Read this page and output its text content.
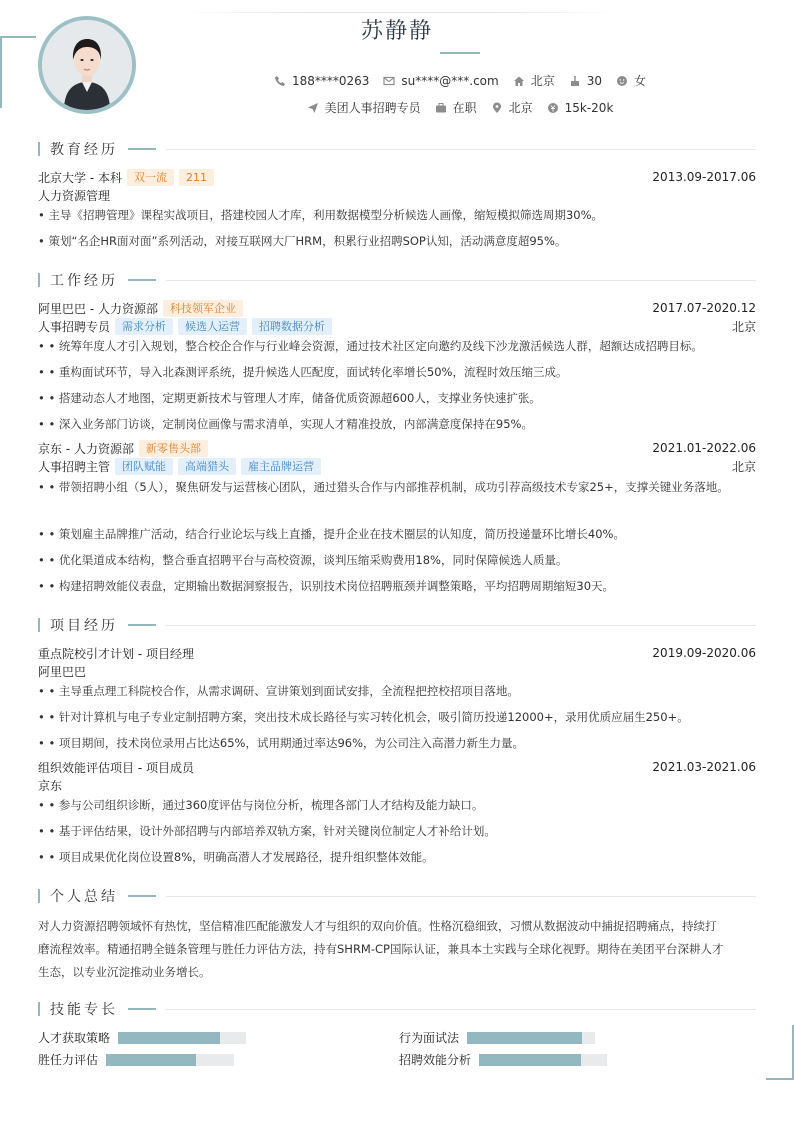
苏静静
188****0263	su****@***.com	北京	30	女
美团人事招聘专员	在职	北京	15k-20k
教育经历
北京大学 - 本科	双一流	211	2013.09-2017.06
人力资源管理
• 主导《招聘管理》课程实战项目，搭建校园人才库，利用数据模型分析候选人画像，缩短模拟筛选周期30%。
• 策划“名企HR面对面”系列活动，对接互联网大厂HRM，积累行业招聘SOP认知，活动满意度超95%。
工作经历
阿里巴巴 - 人力资源部	科技领军企业	2017.07-2020.12
人事招聘专员	需求分析	候选人运营	招聘数据分析	北京
• • 统筹年度人才引入规划，整合校企合作与行业峰会资源，通过技术社区定向邀约及线下沙龙激活候选人群，超额达成招聘目标。
• • 重构面试环节，导入北森测评系统，提升候选人匹配度，面试转化率增长50%，流程时效压缩三成。
• • 搭建动态人才地图，定期更新技术与管理人才库，储备优质资源超600人，支撑业务快速扩张。
• • 深入业务部门访谈，定制岗位画像与需求清单，实现人才精准投放，内部满意度保持在95%。
京东 - 人力资源部	新零售头部	2021.01-2022.06
人事招聘主管	团队赋能	高端猎头	雇主品牌运营	北京
• • 带领招聘小组（5人），聚焦研发与运营核心团队，通过猎头合作与内部推荐机制，成功引荐高级技术专家25+，支撑关键业务落地。
• • 策划雇主品牌推广活动，结合行业论坛与线上直播，提升企业在技术圈层的认知度，简历投递量环比增长40%。
• • 优化渠道成本结构，整合垂直招聘平台与高校资源，谈判压缩采购费用18%，同时保障候选人质量。
• • 构建招聘效能仪表盘，定期输出数据洞察报告，识别技术岗位招聘瓶颈并调整策略，平均招聘周期缩短30天。
项目经历
重点院校引才计划 - 项目经理	2019.09-2020.06
阿里巴巴
• • 主导重点理工科院校合作，从需求调研、宣讲策划到面试安排，全流程把控校招项目落地。
• • 针对计算机与电子专业定制招聘方案，突出技术成长路径与实习转化机会，吸引简历投递12000+，录用优质应届生250+。
• • 项目期间，技术岗位录用占比达65%，试用期通过率达96%，为公司注入高潜力新生力量。
组织效能评估项目 - 项目成员	2021.03-2021.06
京东
• • 参与公司组织诊断，通过360度评估与岗位分析，梳理各部门人才结构及能力缺口。
• • 基于评估结果，设计外部招聘与内部培养双轨方案，针对关键岗位制定人才补给计划。
• • 项目成果优化岗位设置8%，明确高潜人才发展路径，提升组织整体效能。
个人总结
对人力资源招聘领域怀有热忱，坚信精准匹配能激发人才与组织的双向价值。性格沉稳细致，习惯从数据波动中捕捉招聘痛点，持续打
磨流程效率。精通招聘全链条管理与胜任力评估方法，持有SHRM-CP国际认证，兼具本土实践与全球化视野。期待在美团平台深耕人才
生态，以专业沉淀推动业务增长。
技能专长
人才获取策略	行为面试法
胜任力评估	招聘效能分析
